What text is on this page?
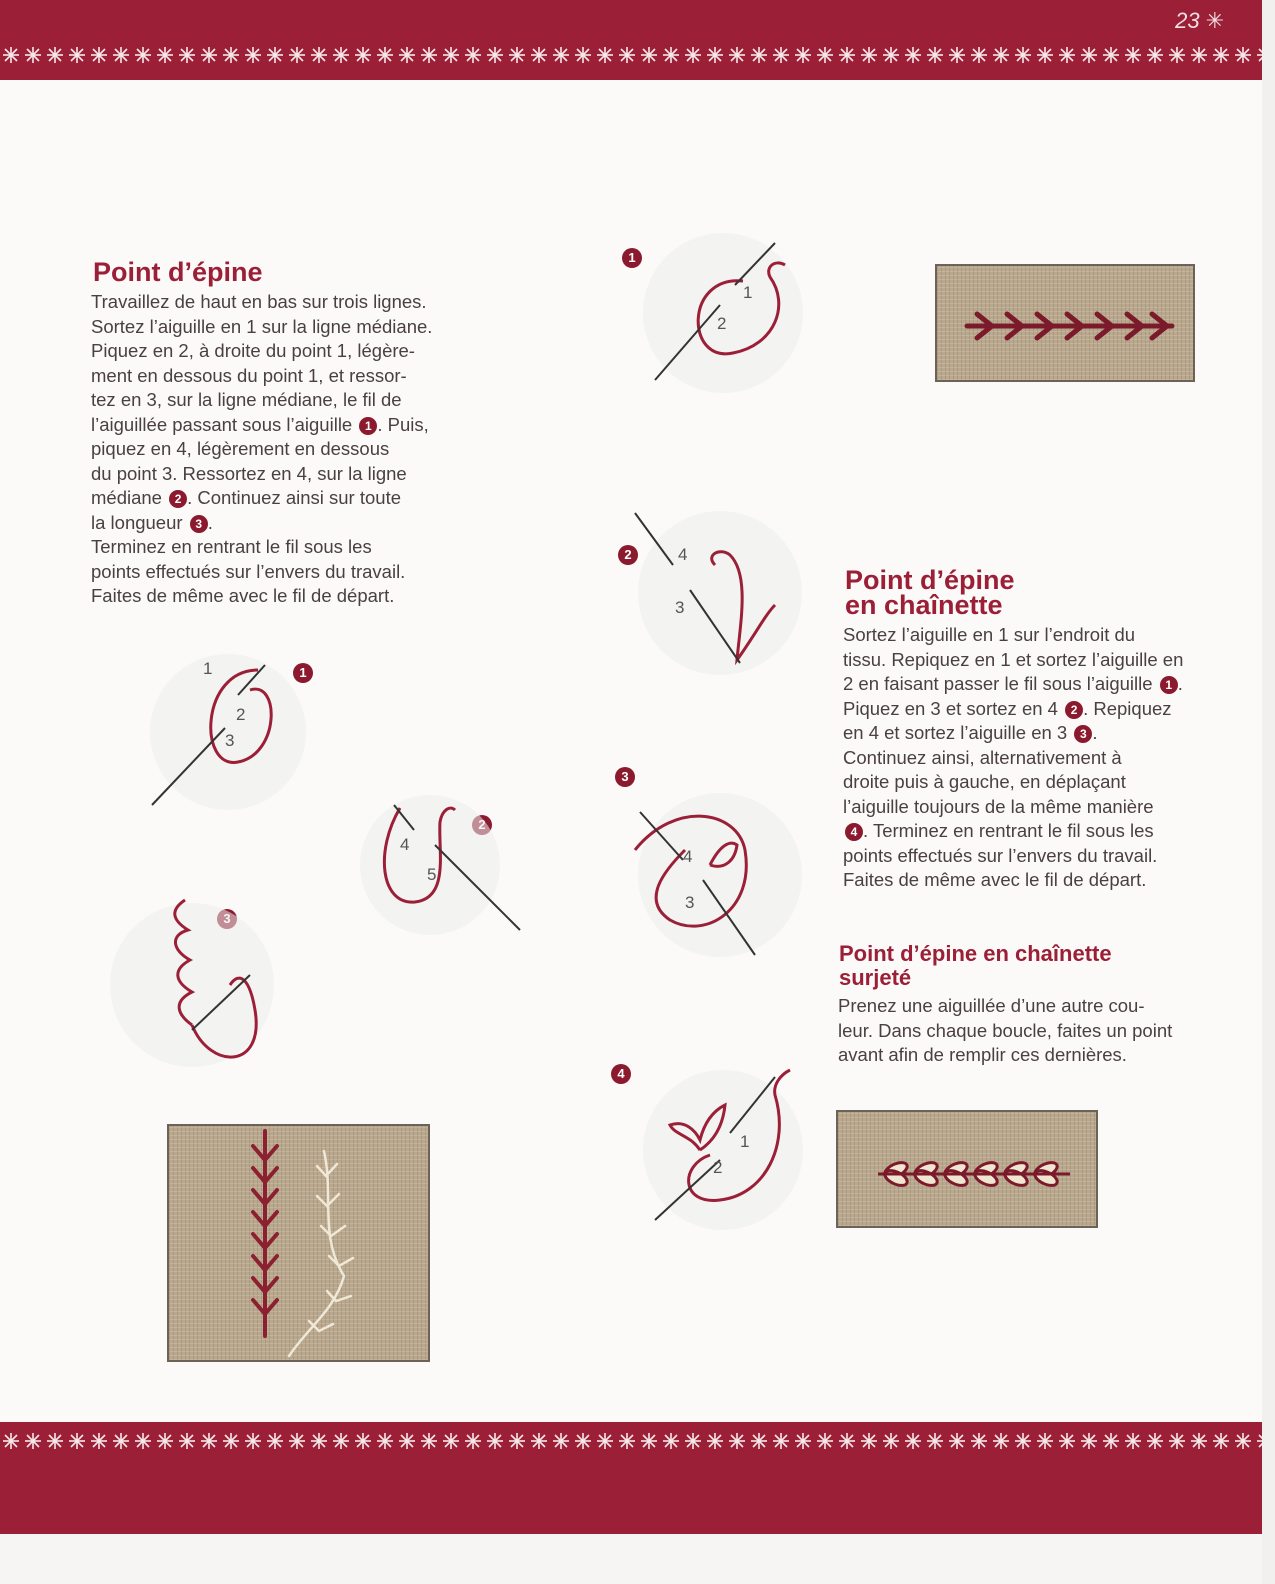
23 ✳
Point d’épine
Travaillez de haut en bas sur trois lignes.
Sortez l’aiguille en 1 sur la ligne médiane.
Piquez en 2, à droite du point 1, légère-
ment en dessous du point 1, et ressor-
tez en 3, sur la ligne médiane, le fil de
l’aiguillée passant sous l’aiguille 1 . Puis,
piquez en 4, légèrement en dessous
du point 3. Ressortez en 4, sur la ligne
médiane 2 . Continuez ainsi sur toute
la longueur 3 .
Terminez en rentrant le fil sous les
points effectués sur l’envers du travail.
Faites de même avec le fil de départ.
1
1
2
3
4
5
1
1
2
2	4
3
Point d’épine
en chaînette
Sortez l’aiguille en 1 sur l’endroit du
tissu. Repiquez en 1 et sortez l’aiguille en
2 en faisant passer le fil sous l’aiguille 1 .
Piquez en 3 et sortez en 4 2 . Repiquez
en 4 et sortez l’aiguille en 3 3 .
Continuez ainsi, alternativement à
droite puis à gauche, en déplaçant
l’aiguille toujours de la même manière
4 . Terminez en rentrant le fil sous les
points effectués sur l’envers du travail.
Faites de même avec le fil de départ.
3
4
3
Point d’épine en chaînette
surjeté
Prenez une aiguillée d’une autre cou-
leur. Dans chaque boucle, faites un point
avant afin de remplir ces dernières.
4
1
2
